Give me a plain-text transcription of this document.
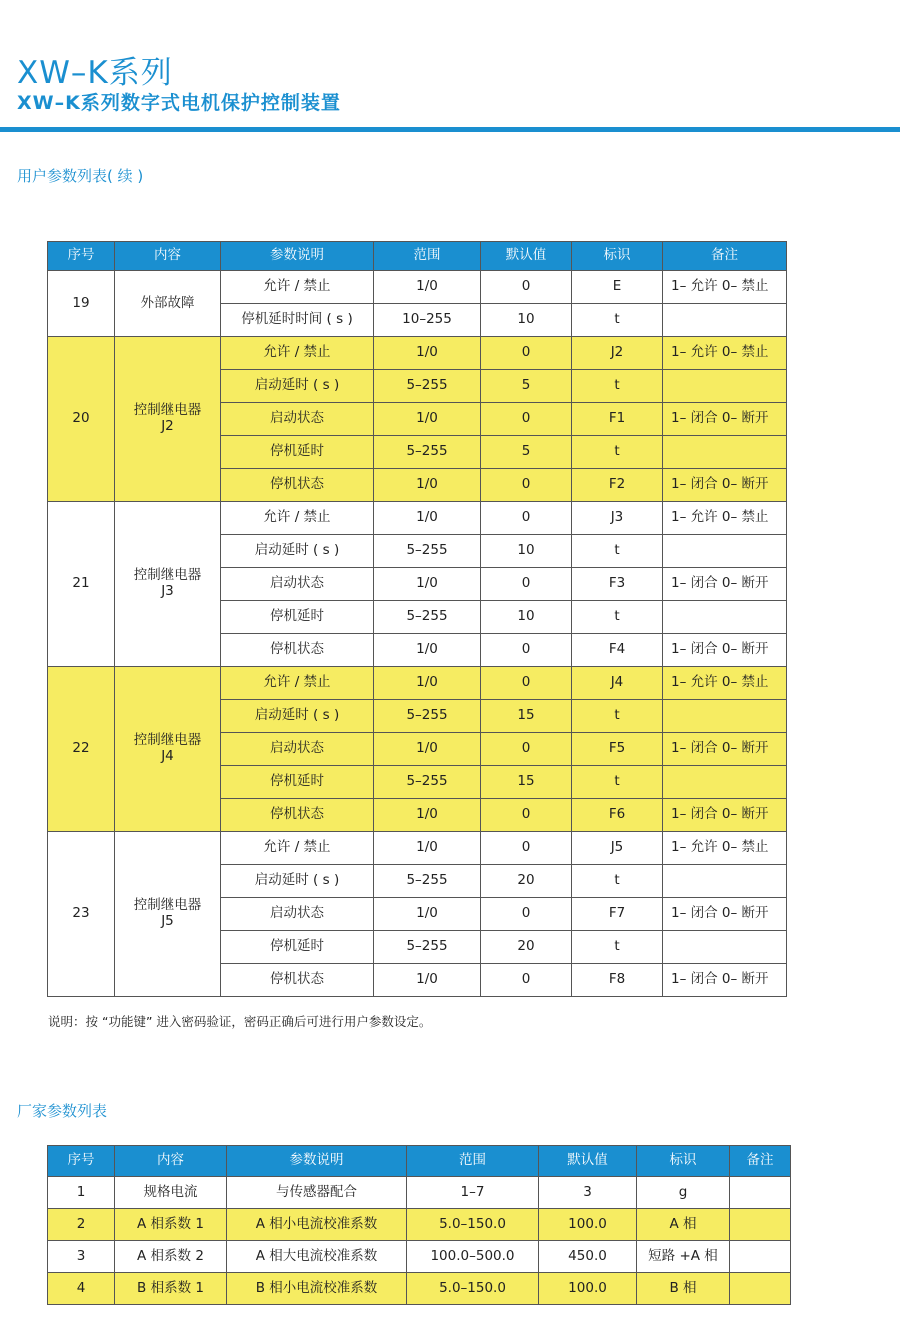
XW–K系列
XW–K系列数字式电机保护控制装置
用户参数列表( 续 )
序号	内容	参数说明	范围	默认值	标识	备注
19	外部故障	允许 / 禁止	1/0	0	E	1– 允许 0– 禁止
		停机延时时间 ( s )	10–255	10	t	
20	控制继电器 J2	允许 / 禁止	1/0	0	J2	1– 允许 0– 禁止
		启动延时 ( s )	5–255	5	t	
		启动状态	1/0	0	F1	1– 闭合 0– 断开
		停机延时	5–255	5	t	
		停机状态	1/0	0	F2	1– 闭合 0– 断开
21	控制继电器 J3	允许 / 禁止	1/0	0	J3	1– 允许 0– 禁止
		启动延时 ( s )	5–255	10	t	
		启动状态	1/0	0	F3	1– 闭合 0– 断开
		停机延时	5–255	10	t	
		停机状态	1/0	0	F4	1– 闭合 0– 断开
22	控制继电器 J4	允许 / 禁止	1/0	0	J4	1– 允许 0– 禁止
		启动延时 ( s )	5–255	15	t	
		启动状态	1/0	0	F5	1– 闭合 0– 断开
		停机延时	5–255	15	t	
		停机状态	1/0	0	F6	1– 闭合 0– 断开
23	控制继电器 J5	允许 / 禁止	1/0	0	J5	1– 允许 0– 禁止
		启动延时 ( s )	5–255	20	t	
		启动状态	1/0	0	F7	1– 闭合 0– 断开
		停机延时	5–255	20	t	
		停机状态	1/0	0	F8	1– 闭合 0– 断开
说明：按 “功能键” 进入密码验证，密码正确后可进行用户参数设定。
厂家参数列表
序号	内容	参数说明	范围	默认值	标识	备注
1	规格电流	与传感器配合	1–7	3	g	
2	A 相系数 1	A 相小电流校准系数	5.0–150.0	100.0	A 相	
3	A 相系数 2	A 相大电流校准系数	100.0–500.0	450.0	短路 +A 相	
4	B 相系数 1	B 相小电流校准系数	5.0–150.0	100.0	B 相	
